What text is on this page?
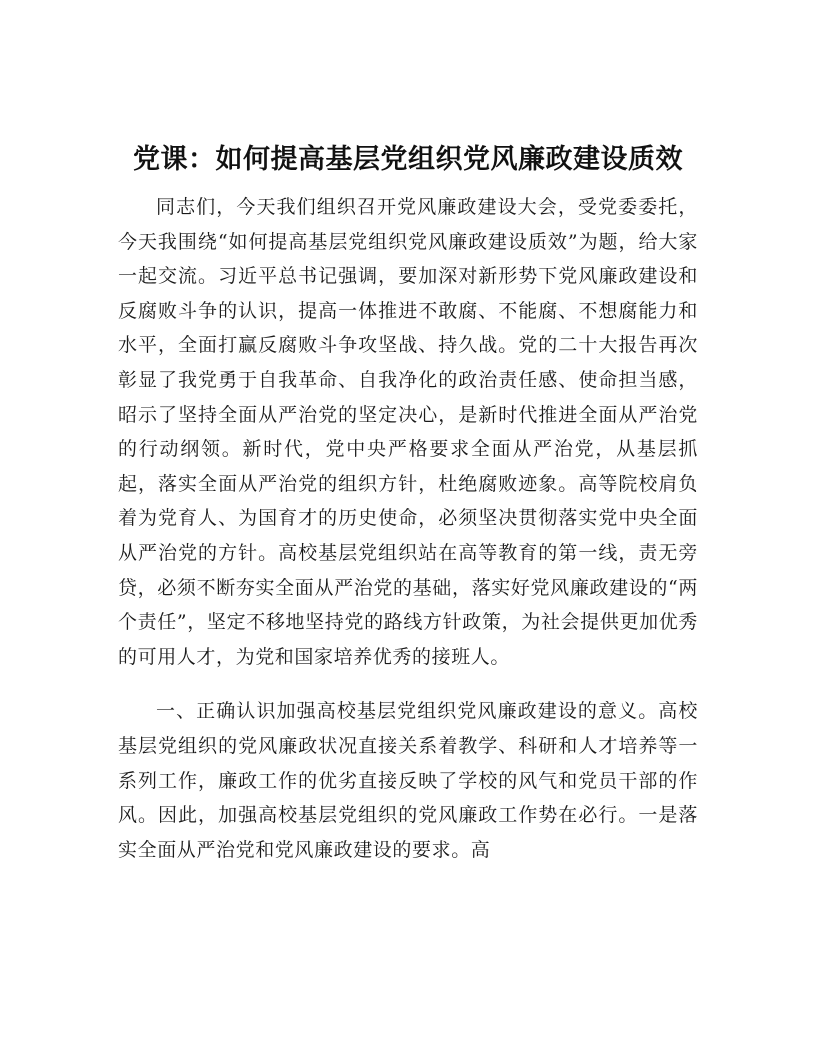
党课：如何提高基层党组织党风廉政建设质效

同志们，今天我们组织召开党风廉政建设大会，受党委委托，今天我围绕“如何提高基层党组织党风廉政建设质效”为题，给大家一起交流。习近平总书记强调，要加深对新形势下党风廉政建设和反腐败斗争的认识，提高一体推进不敢腐、不能腐、不想腐能力和水平，全面打赢反腐败斗争攻坚战、持久战。党的二十大报告再次彰显了我党勇于自我革命、自我净化的政治责任感、使命担当感，昭示了坚持全面从严治党的坚定决心，是新时代推进全面从严治党的行动纲领。新时代，党中央严格要求全面从严治党，从基层抓起，落实全面从严治党的组织方针，杜绝腐败迹象。高等院校肩负着为党育人、为国育才的历史使命，必须坚决贯彻落实党中央全面从严治党的方针。高校基层党组织站在高等教育的第一线，责无旁贷，必须不断夯实全面从严治党的基础，落实好党风廉政建设的“两个责任”，坚定不移地坚持党的路线方针政策，为社会提供更加优秀的可用人才，为党和国家培养优秀的接班人。

一、正确认识加强高校基层党组织党风廉政建设的意义。高校基层党组织的党风廉政状况直接关系着教学、科研和人才培养等一系列工作，廉政工作的优劣直接反映了学校的风气和党员干部的作风。因此，加强高校基层党组织的党风廉政工作势在必行。一是落实全面从严治党和党风廉政建设的要求。高
